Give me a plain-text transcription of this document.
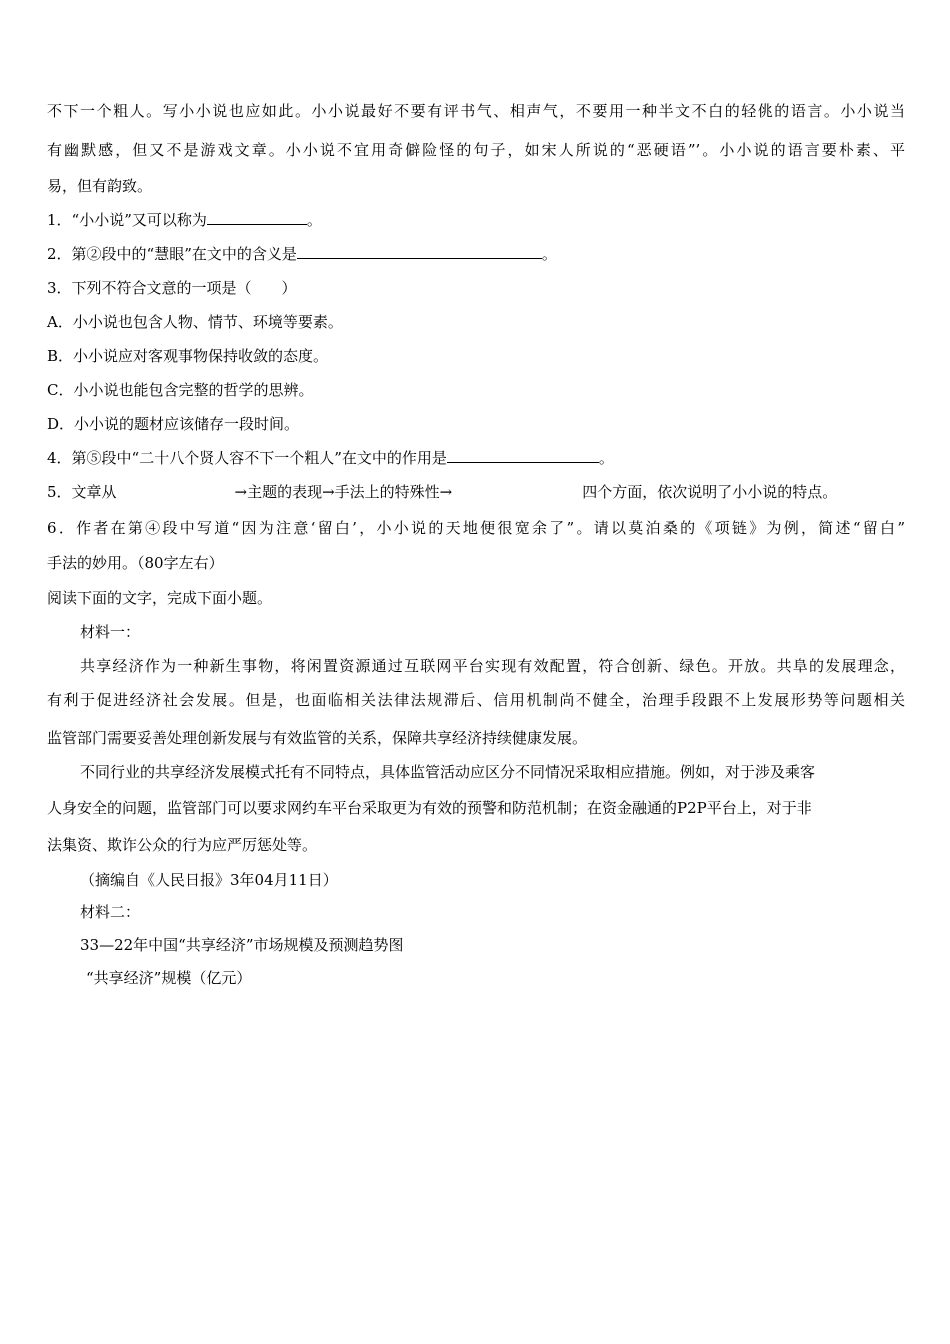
不下一个粗人。写小小说也应如此。小小说最好不要有评书气、相声气，不要用一种半文不白的轻佻的语言。小小说当
有幽默感，但又不是游戏文章。小小说不宜用奇僻险怪的句子，如宋人所说的“恶硬语”’。小小说的语言要朴素、平
易，但有韵致。
1．“小小说”又可以称为	。
2．第②段中的“慧眼”在文中的含义是	。
3．下列不符合文意的一项是（　　）
A．小小说也包含人物、情节、环境等要素。
B．小小说应对客观事物保持收敛的态度。
C．小小说也能包含完整的哲学的思辨。
D．小小说的题材应该储存一段时间。
4．第⑤段中“二十八个贤人容不下一个粗人”在文中的作用是	。
5．文章从	→主题的表现→手法上的特殊性→	四个方面，依次说明了小小说的特点。
6．作者在第④段中写道“因为注意‘留白’，小小说的天地便很宽余了”。请以莫泊桑的《项链》为例，简述“留白”
手法的妙用。（80字左右）
阅读下面的文字，完成下面小题。
材料一：
共享经济作为一种新生事物，将闲置资源通过互联网平台实现有效配置，符合创新、绿色。开放。共阜的发展理念，
有利于促进经济社会发展。但是，也面临相关法律法规滞后、信用机制尚不健全，治理手段跟不上发展形势等问题相关
监管部门需要妥善处理创新发展与有效监管的关系，保障共享经济持续健康发展。
不同行业的共享经济发展模式托有不同特点，具体监管活动应区分不同情况采取相应措施。例如，对于涉及乘客
人身安全的问题，监管部门可以要求网约车平台采取更为有效的预警和防范机制；在资金融通的P2P平台上，对于非
法集资、欺诈公众的行为应严厉惩处等。
（摘编自《人民日报》3年04月11日）
材料二：
33—22年中国“共享经济”市场规模及预测趋势图
“共享经济”规模（亿元）
